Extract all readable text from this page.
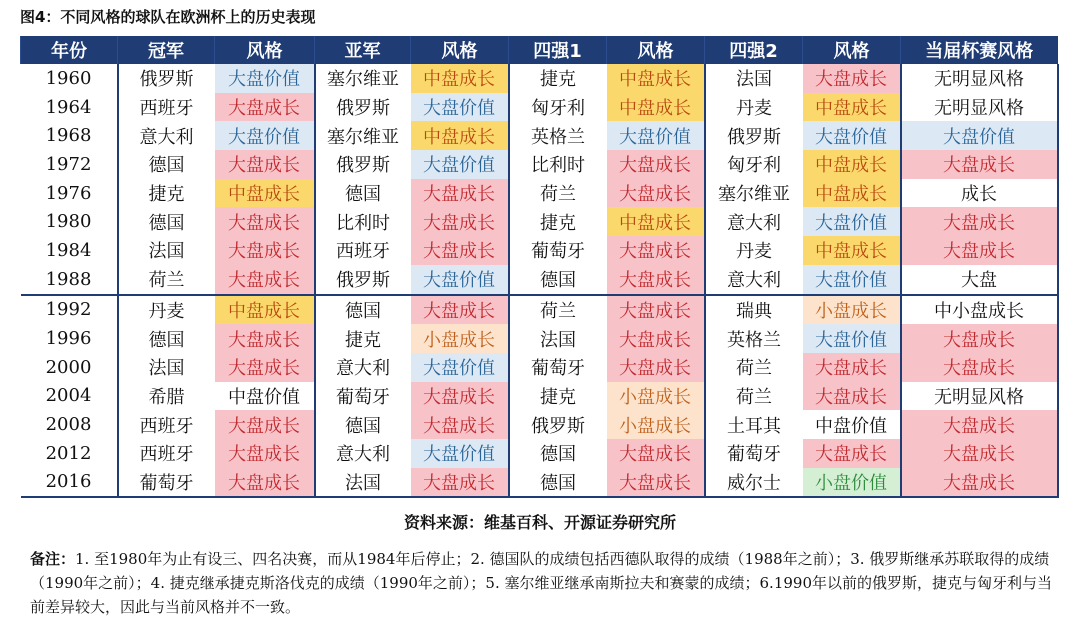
图4：不同风格的球队在欧洲杯上的历史表现
年份	冠军	风格	亚军	风格	四强1	风格	四强2	风格	当届杯赛风格
1960	俄罗斯	大盘价值	塞尔维亚	中盘成长	捷克	中盘成长	法国	大盘成长	无明显风格
1964	西班牙	大盘成长	俄罗斯	大盘价值	匈牙利	中盘成长	丹麦	中盘成长	无明显风格
1968	意大利	大盘价值	塞尔维亚	中盘成长	英格兰	大盘价值	俄罗斯	大盘价值	大盘价值
1972	德国	大盘成长	俄罗斯	大盘价值	比利时	大盘成长	匈牙利	中盘成长	大盘成长
1976	捷克	中盘成长	德国	大盘成长	荷兰	大盘成长	塞尔维亚	中盘成长	成长
1980	德国	大盘成长	比利时	大盘成长	捷克	中盘成长	意大利	大盘价值	大盘成长
1984	法国	大盘成长	西班牙	大盘成长	葡萄牙	大盘成长	丹麦	中盘成长	大盘成长
1988	荷兰	大盘成长	俄罗斯	大盘价值	德国	大盘成长	意大利	大盘价值	大盘
1992	丹麦	中盘成长	德国	大盘成长	荷兰	大盘成长	瑞典	小盘成长	中小盘成长
1996	德国	大盘成长	捷克	小盘成长	法国	大盘成长	英格兰	大盘价值	大盘成长
2000	法国	大盘成长	意大利	大盘价值	葡萄牙	大盘成长	荷兰	大盘成长	大盘成长
2004	希腊	中盘价值	葡萄牙	大盘成长	捷克	小盘成长	荷兰	大盘成长	无明显风格
2008	西班牙	大盘成长	德国	大盘成长	俄罗斯	小盘成长	土耳其	中盘价值	大盘成长
2012	西班牙	大盘成长	意大利	大盘价值	德国	大盘成长	葡萄牙	大盘成长	大盘成长
2016	葡萄牙	大盘成长	法国	大盘成长	德国	大盘成长	威尔士	小盘价值	大盘成长
资料来源：维基百科、开源证券研究所
备注：1. 至1980年为止有设三、四名决赛，而从1984年后停止；2. 德国队的成绩包括西德队取得的成绩（1988年之前）；3. 俄罗斯继承苏联取得的成绩（1990年之前）；4. 捷克继承捷克斯洛伐克的成绩（1990年之前）；5. 塞尔维亚继承南斯拉夫和赛蒙的成绩；6.1990年以前的俄罗斯，捷克与匈牙利与当前差异较大，因此与当前风格并不一致。
